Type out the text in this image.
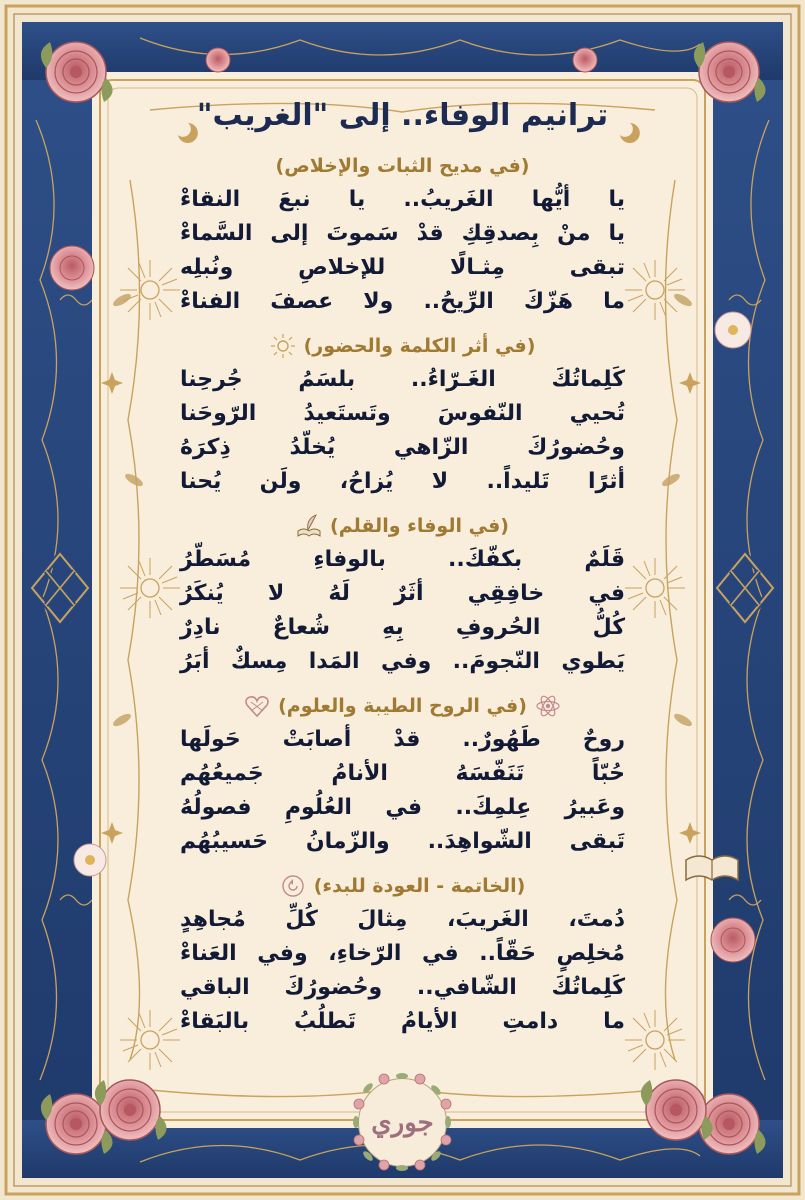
ترانيم الوفاء.. إلى "الغريب"
(في مديح الثبات والإخلاص)
يا أيُّها الغَريبُ.. يا نبعَ النقاءْ
يا منْ بِصدقِكِ قدْ سَموتَ إلى السَّماءْ
تبقى مِثـالًا للإخلاصِ ونُبلِه
ما هَزّكَ الرِّيحُ.. ولا عصفَ الفناءْ
(في أثر الكلمة والحضور)
كَلِماتُكَ الغَـرّاءُ.. بلسَمُ جُرحِنا
تُحيي النّفوسَ وتَستَعيدُ الرّوحَنا
وحُضورُكَ الزّاهي يُخلّدُ ذِكرَهُ
أثرًا تَليداً.. لا يُزاحُ، ولَن يُحنا
(في الوفاء والقلم)
قَلَمٌ بكفّكَ.. بالوفاءِ مُسَطّرُ
في خافِقِي أثَرٌ لَهُ لا يُنكَرُ
كُلُّ الحُروفِ بِهِ شُعاعٌ نادِرٌ
يَطوي النّجومَ.. وفي المَدا مِسكٌ أبَرُ
(في الروح الطيبة والعلوم)
روحٌ طَهُورٌ.. قدْ أصابَتْ حَولَها
حُبّاً تَنَفّسَهُ الأنامُ جَميعُهُم
وعَبيرُ عِلمِكَ.. في العُلُومِ فصولُهُ
تَبقى الشّواهِدَ.. والزّمانُ حَسيبُهُم
(الخاتمة - العودة للبدء)
دُمتَ، الغَريبَ، مِثالَ كُلِّ مُجاهِدٍ
مُخلِصٍ حَقّاً.. في الرّخاءِ، وفي العَناءْ
كَلِماتُكَ الشّافي.. وحُضورُكَ الباقي
ما دامتِ الأيامُ تَطلُبُ بالبَقاءْ
جوري
